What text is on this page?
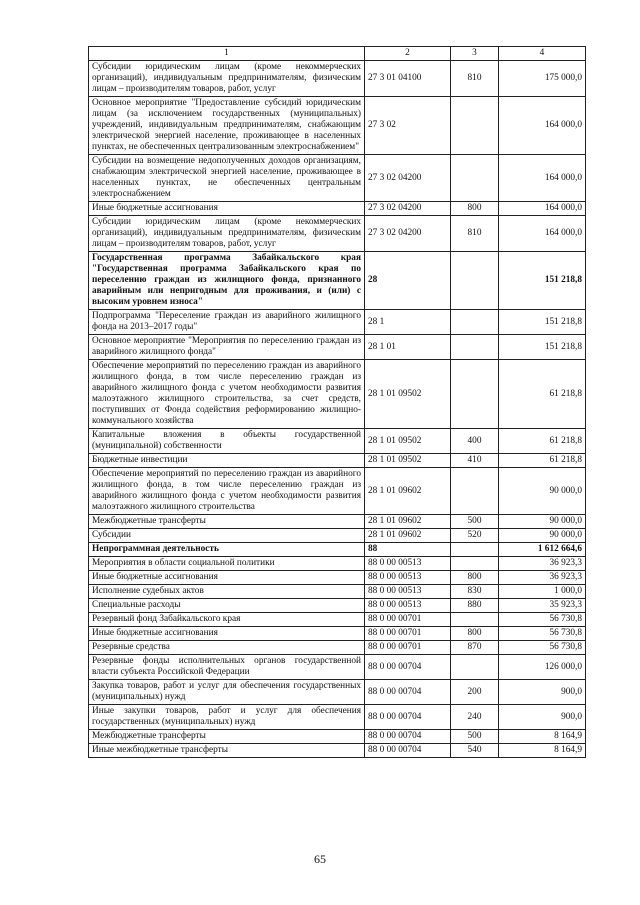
1	2	3	4
Субсидии юридическим лицам (кроме некоммерческих организаций), индивидуальным предпринимателям, физическим лицам – производителям товаров, работ, услуг	27 3 01 04100	810	175 000,0
Основное мероприятие "Предоставление субсидий юридическим лицам (за исключением государственных (муниципальных) учреждений, индивидуальным предпринимателям, снабжающим электрической энергией население, проживающее в населенных пунктах, не обеспеченных централизованным электроснабжением"	27 3 02		164 000,0
Субсидии на возмещение недополученных доходов организациям, снабжающим электрической энергией население, проживающее в населенных пунктах, не обеспеченных центральным электроснабжением	27 3 02 04200		164 000,0
Иные бюджетные ассигнования	27 3 02 04200	800	164 000,0
Субсидии юридическим лицам (кроме некоммерческих организаций), индивидуальным предпринимателям, физическим лицам – производителям товаров, работ, услуг	27 3 02 04200	810	164 000,0
Государственная программа Забайкальского края "Государственная программа Забайкальского края по переселению граждан из жилищного фонда, признанного аварийным или непригодным для проживания, и (или) с высоким уровнем износа"	28		151 218,8
Подпрограмма "Переселение граждан из аварийного жилищного фонда на 2013–2017 годы"	28 1		151 218,8
Основное мероприятие "Мероприятия по переселению граждан из аварийного жилищного фонда"	28 1 01		151 218,8
Обеспечение мероприятий по переселению граждан из аварийного жилищного фонда, в том числе переселению граждан из аварийного жилищного фонда с учетом необходимости развития малоэтажного жилищного строительства, за счет средств, поступивших от Фонда содействия реформированию жилищно-коммунального хозяйства	28 1 01 09502		61 218,8
Капитальные вложения в объекты государственной (муниципальной) собственности	28 1 01 09502	400	61 218,8
Бюджетные инвестиции	28 1 01 09502	410	61 218,8
Обеспечение мероприятий по переселению граждан из аварийного жилищного фонда, в том числе переселению граждан из аварийного жилищного фонда с учетом необходимости развития малоэтажного жилищного строительства	28 1 01 09602		90 000,0
Межбюджетные трансферты	28 1 01 09602	500	90 000,0
Субсидии	28 1 01 09602	520	90 000,0
Непрограммная деятельность	88		1 612 664,6
Мероприятия в области социальной политики	88 0 00 00513		36 923,3
Иные бюджетные ассигнования	88 0 00 00513	800	36 923,3
Исполнение судебных актов	88 0 00 00513	830	1 000,0
Специальные расходы	88 0 00 00513	880	35 923,3
Резервный фонд Забайкальского края	88 0 00 00701		56 730,8
Иные бюджетные ассигнования	88 0 00 00701	800	56 730,8
Резервные средства	88 0 00 00701	870	56 730,8
Резервные фонды исполнительных органов государственной власти субъекта Российской Федерации	88 0 00 00704		126 000,0
Закупка товаров, работ и услуг для обеспечения государственных (муниципальных) нужд	88 0 00 00704	200	900,0
Иные закупки товаров, работ и услуг для обеспечения государственных (муниципальных) нужд	88 0 00 00704	240	900,0
Межбюджетные трансферты	88 0 00 00704	500	8 164,9
Иные межбюджетные трансферты	88 0 00 00704	540	8 164,9
65
